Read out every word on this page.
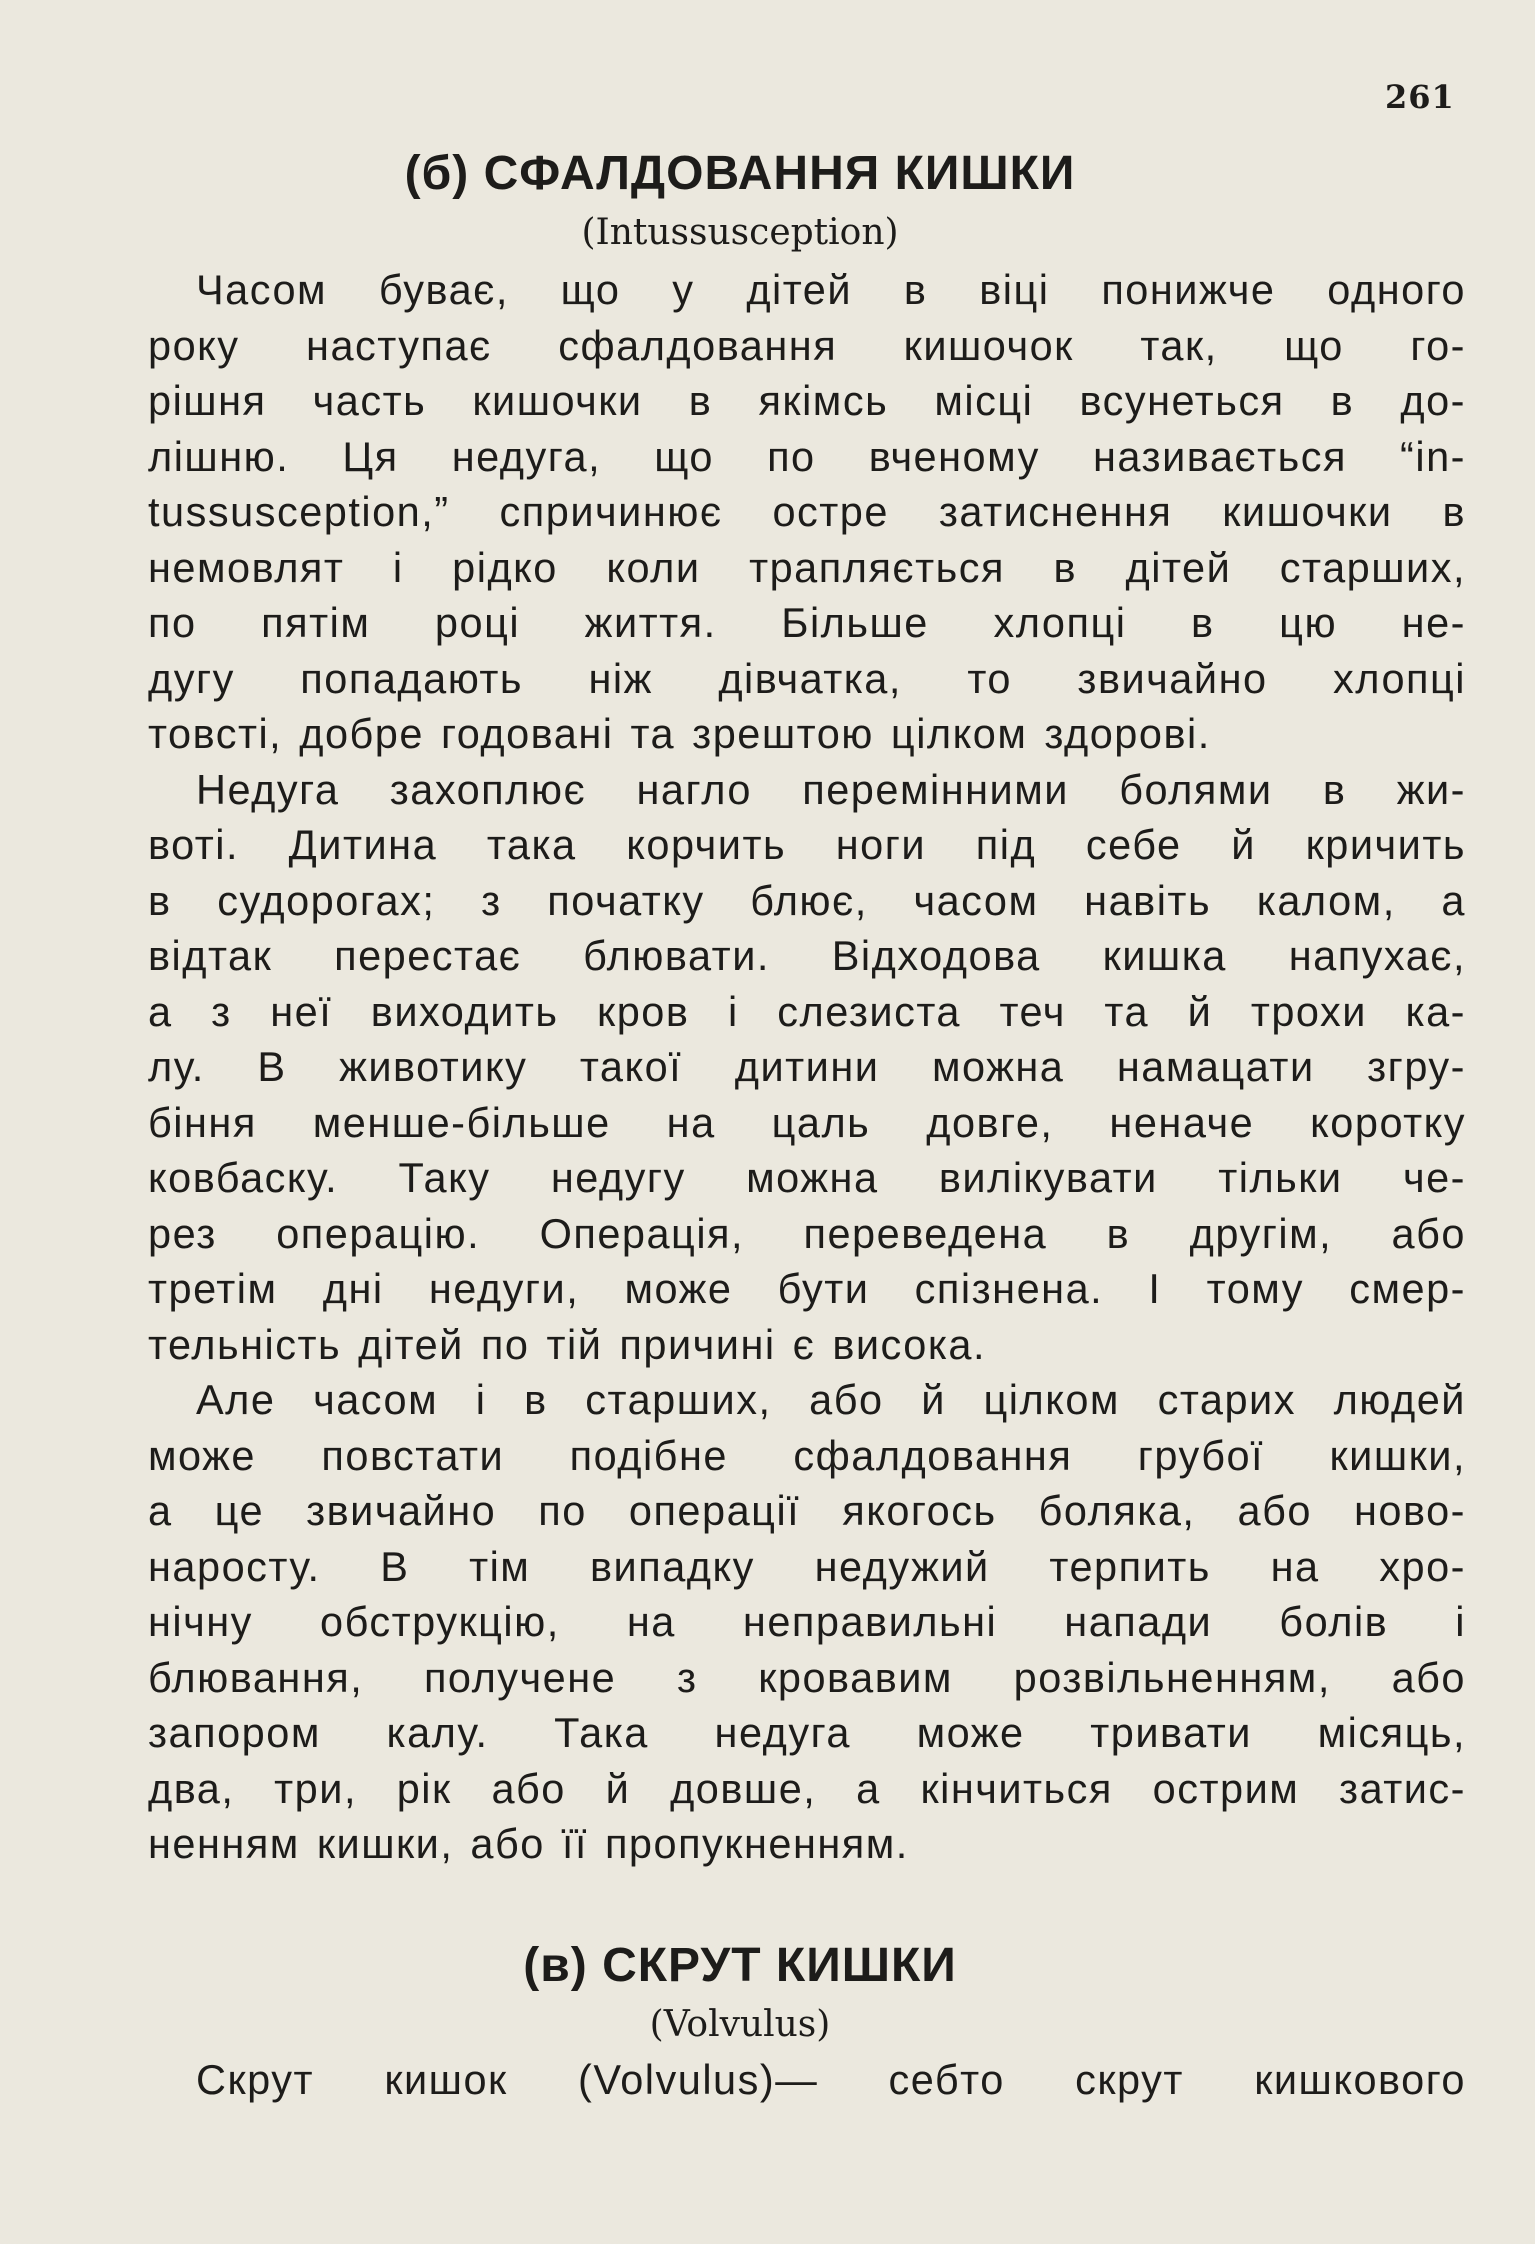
261
(б) СФАЛДОВАННЯ КИШКИ
(Intussusception)
Часом буває, що у дітей в віці понижче одного
року наступає сфалдовання кишочок так, що го-
рішня часть кишочки в якімсь місці всунеться в до-
лішню. Ця недуга, що по вченому називається “in-
tussusception,” спричинює остре затиснення кишочки в
немовлят і рідко коли трапляється в дітей старших,
по пятім році життя. Більше хлопці в цю не-
дугу попадають ніж дівчатка, то звичайно хлопці
товсті, добре годовані та зрештою цілком здорові.
Недуга захоплює нагло перемінними болями в жи-
воті. Дитина така корчить ноги під себе й кричить
в судорогах; з початку блює, часом навіть калом, а
відтак перестає блювати. Відходова кишка напухає,
а з неї виходить кров і слезиста теч та й трохи ка-
лу. В животику такої дитини можна намацати згру-
біння менше-більше на цаль довге, неначе коротку
ковбаску. Таку недугу можна вилікувати тільки че-
рез операцію. Операція, переведена в другім, або
третім дні недуги, може бути спізнена. І тому смер-
тельність дітей по тій причині є висока.
Але часом і в старших, або й цілком старих людей
може повстати подібне сфалдовання грубої кишки,
а це звичайно по операції якогось боляка, або ново-
наросту. В тім випадку недужий терпить на хро-
нічну обструкцію, на неправильні напади болів і
блювання, получене з кровавим розвільненням, або
запором калу. Така недуга може тривати місяць,
два, три, рік або й довше, а кінчиться острим затис-
ненням кишки, або її пропукненням.
(в) СКРУТ КИШКИ
(Volvulus)
Скрут кишок (Volvulus)— себто скрут кишкового
